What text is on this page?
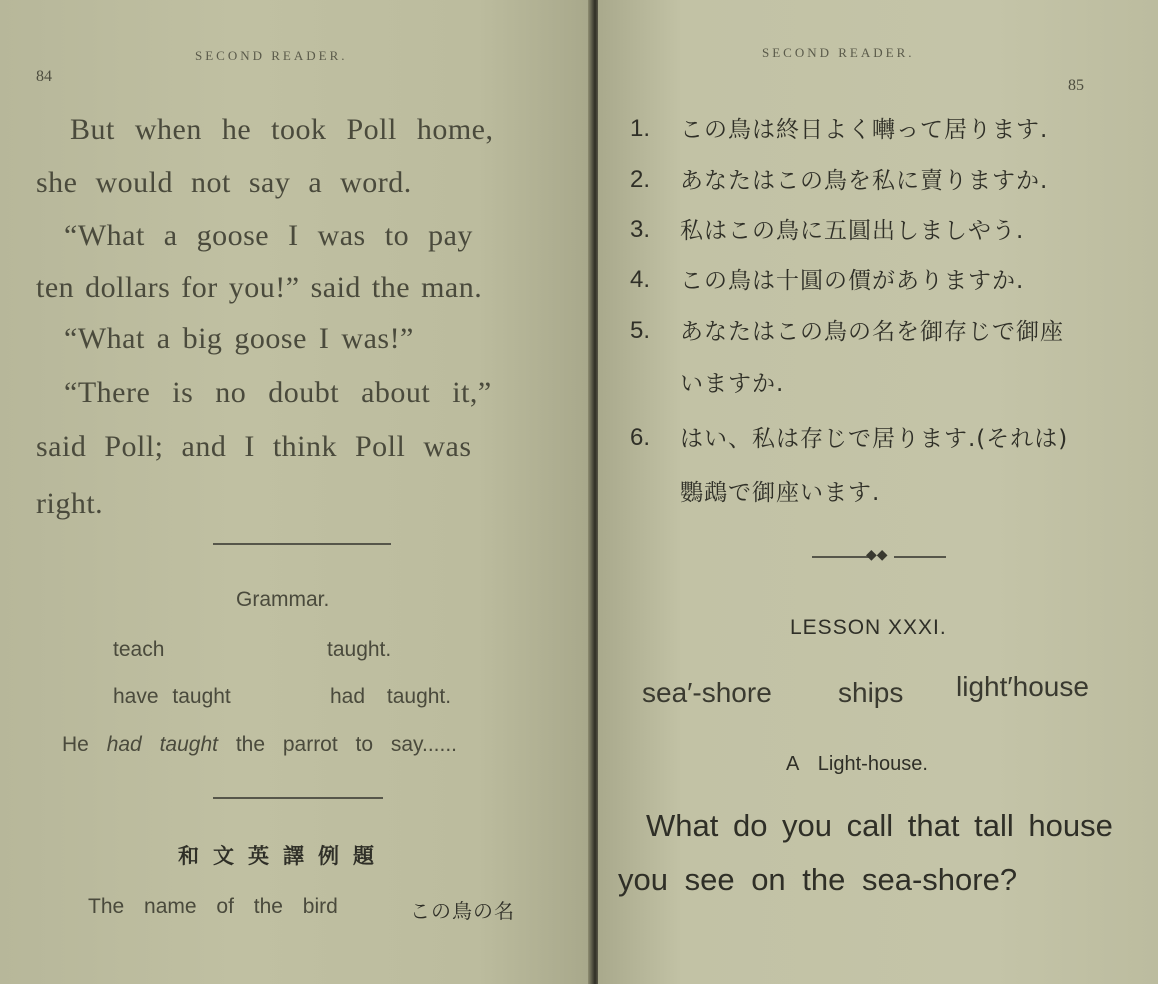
SECOND READER.
84
But when he took Poll home,
she would not say a word.
“What a goose I was to pay
ten dollars for you!” said the man.
“What a big goose I was!”
“There is no doubt about it,”
said Poll; and I think Poll was
right.
Grammar.
teach	taught.
have taught	had taught.
He had taught the parrot to say......
和文英譯例題
The name of the bird	この鳥の名
SECOND READER.
85
1. この鳥は終日よく囀って居ります.
2. あなたはこの鳥を私に賣りますか.
3. 私はこの鳥に五圓出しましやう.
4. この鳥は十圓の價がありますか.
5. あなたはこの鳥の名を御存じで御座
いますか.
6. はい、私は存じで居ります.(それは)
鸚鵡で御座います.
◆◆
LESSON XXXI.
sea′-shore ships light′house
A Light-house.
What do you call that tall house
you see on the sea-shore?
